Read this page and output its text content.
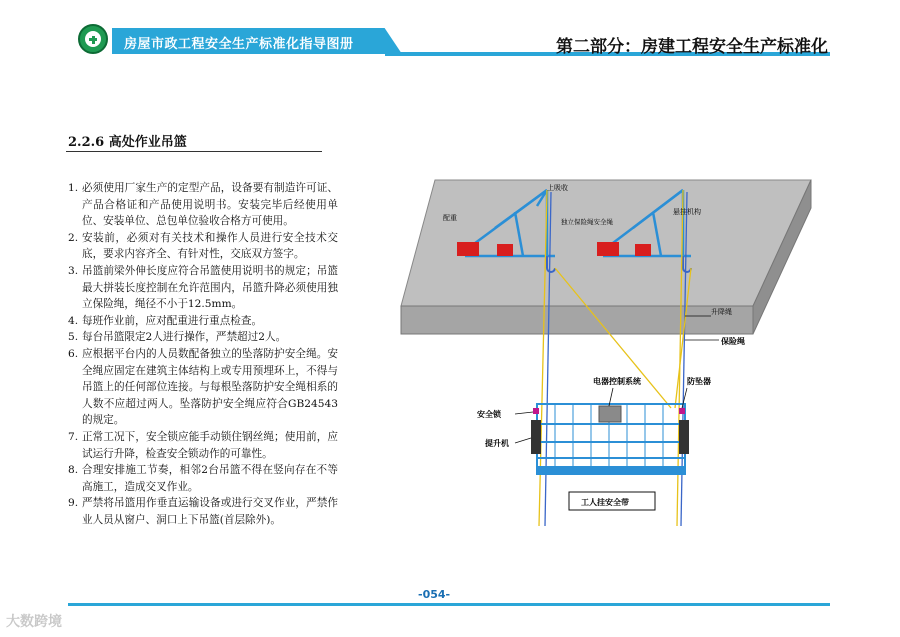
房屋市政工程安全生产标准化指导图册	第二部分：房建工程安全生产标准化
2.2.6 高处作业吊篮
1. 必须使用厂家生产的定型产品，设备要有制造许可证、产品合格证和产品使用说明书。安装完毕后经使用单位、安装单位、总包单位验收合格方可使用。
2. 安装前，必须对有关技术和操作人员进行安全技术交底，要求内容齐全、有针对性，交底双方签字。
3. 吊篮前梁外伸长度应符合吊篮使用说明书的规定；吊篮最大拼装长度控制在允许范围内，吊篮升降必须使用独立保险绳，绳径不小于12.5mm。
4. 每班作业前，应对配重进行重点检查。
5. 每台吊篮限定2人进行操作，严禁超过2人。
6. 应根据平台内的人员数配备独立的坠落防护安全绳。安全绳应固定在建筑主体结构上或专用预埋环上，不得与吊篮上的任何部位连接。与每根坠落防护安全绳相系的人数不应超过两人。坠落防护安全绳应符合GB24543的规定。
7. 正常工况下，安全锁应能手动锁住钢丝绳；使用前，应试运行升降，检查安全锁动作的可靠性。
8. 合理安排施工节奏，相邻2台吊篮不得在竖向存在不等高施工，造成交叉作业。
9. 严禁将吊篮用作垂直运输设备或进行交叉作业，严禁作业人员从窗户、洞口上下吊篮(首层除外)。
配重
上吸收
悬挂机构
独立保险绳安全绳
升降绳
保险绳
电器控制系统	防坠器
安全锁
提升机
工人挂安全带
-054-
大数跨境
